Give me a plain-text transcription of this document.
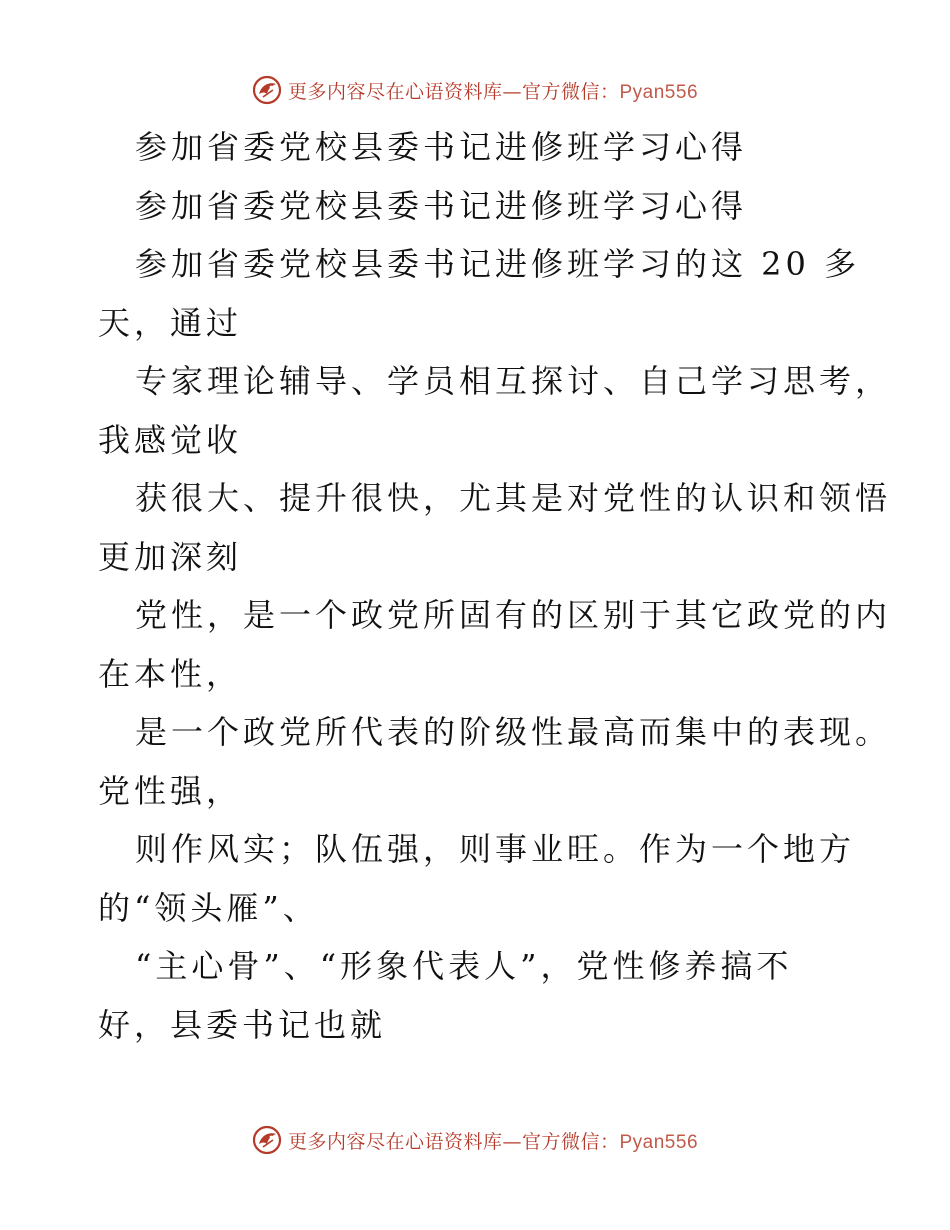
更多内容尽在心语资料库—官方微信：Pyan556
参加省委党校县委书记进修班学习心得
参加省委党校县委书记进修班学习心得
参加省委党校县委书记进修班学习的这 20 多
天，通过
专家理论辅导、学员相互探讨、自己学习思考，
我感觉收
获很大、提升很快，尤其是对党性的认识和领悟
更加深刻
党性，是一个政党所固有的区别于其它政党的内
在本性，
是一个政党所代表的阶级性最高而集中的表现。
党性强，
则作风实；队伍强，则事业旺。作为一个地方
的“领头雁”、
“主心骨”、“形象代表人”，党性修养搞不
好，县委书记也就
更多内容尽在心语资料库—官方微信：Pyan556
